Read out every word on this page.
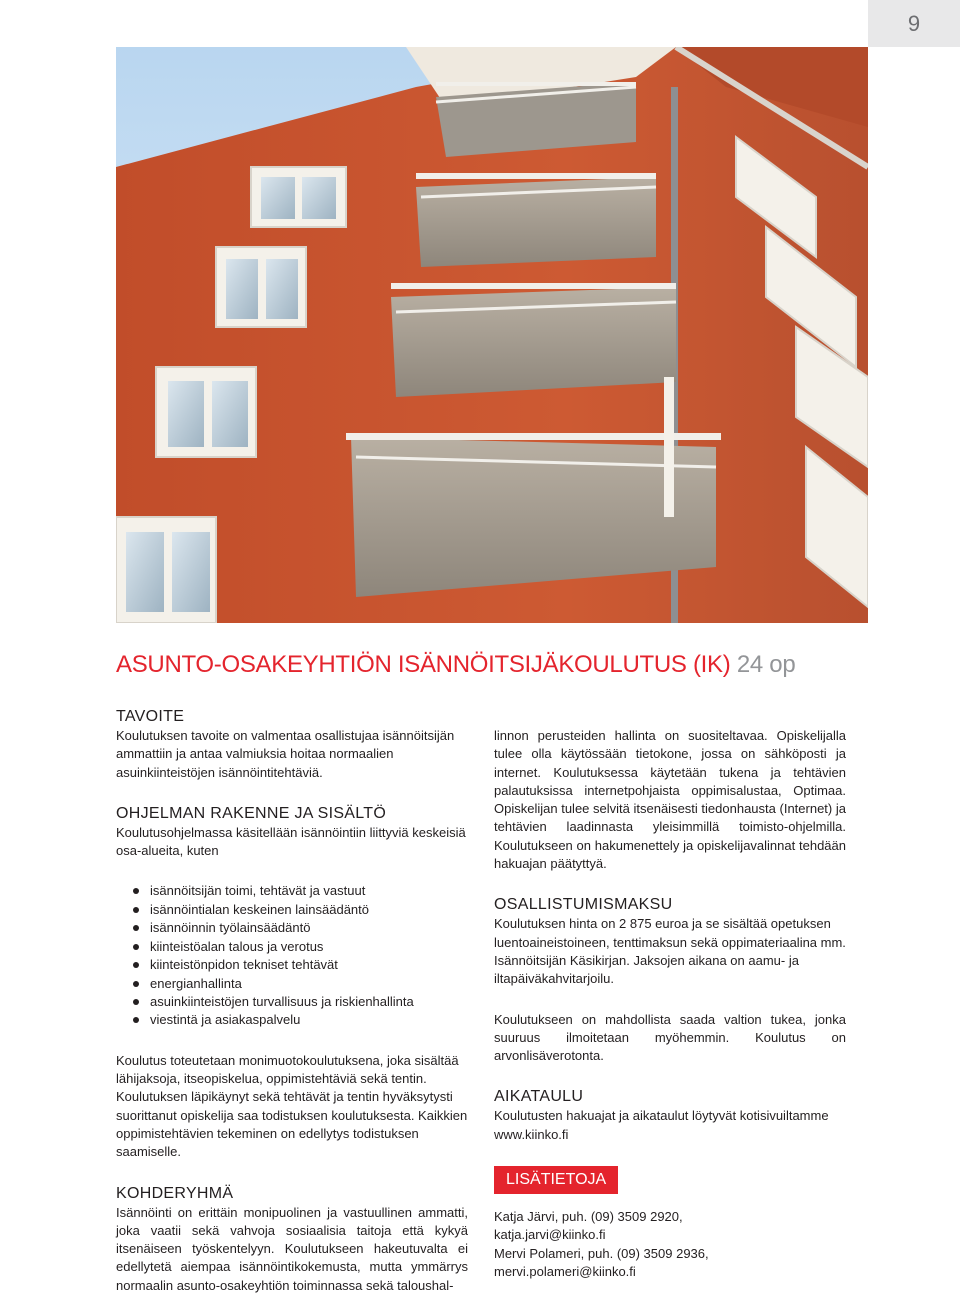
9
ASUNTO-OSAKEYHTIÖN ISÄNNÖITSIJÄKOULUTUS (IK) 24 op
TAVOITE

Koulutuksen tavoite on valmentaa osallistujaa isännöitsijän ammattiin ja antaa valmiuksia hoitaa normaalien asuinkiinteistöjen isännöintitehtäviä.

OHJELMAN RAKENNE JA SISÄLTÖ

Koulutusohjelmassa käsitellään isännöintiin liittyviä keskeisiä osa-alueita, kuten

isännöitsijän toimi, tehtävät ja vastuut
isännöintialan keskeinen lainsäädäntö
isännöinnin työlainsäädäntö
kiinteistöalan talous ja verotus
kiinteistönpidon tekniset tehtävät
energianhallinta
asuinkiinteistöjen turvallisuus ja riskienhallinta
viestintä ja asiakaspalvelu

Koulutus toteutetaan monimuotokoulutuksena, joka sisältää lähijaksoja, itseopiskelua, oppimistehtäviä sekä tentin. Koulutuksen läpikäynyt sekä tehtävät ja tentin hyväksytysti suorittanut opiskelija saa todistuksen koulutuksesta. Kaikkien oppimistehtävien tekeminen on edellytys todistuksen saamiselle.

KOHDERYHMÄ

Isännöinti on erittäin monipuolinen ja vastuullinen ammatti, joka vaatii sekä vahvoja sosiaalisia taitoja että kykyä itsenäiseen työskentelyyn. Koulutukseen hakeutuvalta ei edellytetä aiempaa isännöintikokemusta, mutta ymmärrys normaalin asunto-osakeyhtiön toiminnassa sekä taloushal-

linnon perusteiden hallinta on suositeltavaa. Opiskelijalla tulee olla käytössään tietokone, jossa on sähköposti ja internet. Koulutuksessa käytetään tukena ja tehtävien palautuksissa internetpohjaista oppimisalustaa, Optimaa. Opiskelijan tulee selvitä itsenäisesti tiedonhausta (Internet) ja tehtävien laadinnasta yleisimmillä toimisto-ohjelmilla. Koulutukseen on hakumenettely ja opiskelijavalinnat tehdään hakuajan päätyttyä.

OSALLISTUMISMAKSU

Koulutuksen hinta on 2 875 euroa ja se sisältää opetuksen luentoaineistoineen, tenttimaksun sekä oppimateriaalina mm. Isännöitsijän Käsikirjan. Jaksojen aikana on aamu- ja iltapäiväkahvitarjoilu.

Koulutukseen on mahdollista saada valtion tukea, jonka suuruus ilmoitetaan myöhemmin. Koulutus on arvonlisäverotonta.

AIKATAULU

Koulutusten hakuajat ja aikataulut löytyvät kotisivuiltamme www.kiinko.fi

LISÄTIETOJA

Katja Järvi, puh. (09) 3509 2920,

katja.jarvi@kiinko.fi

Mervi Polameri, puh. (09) 3509 2936,

mervi.polameri@kiinko.fi
